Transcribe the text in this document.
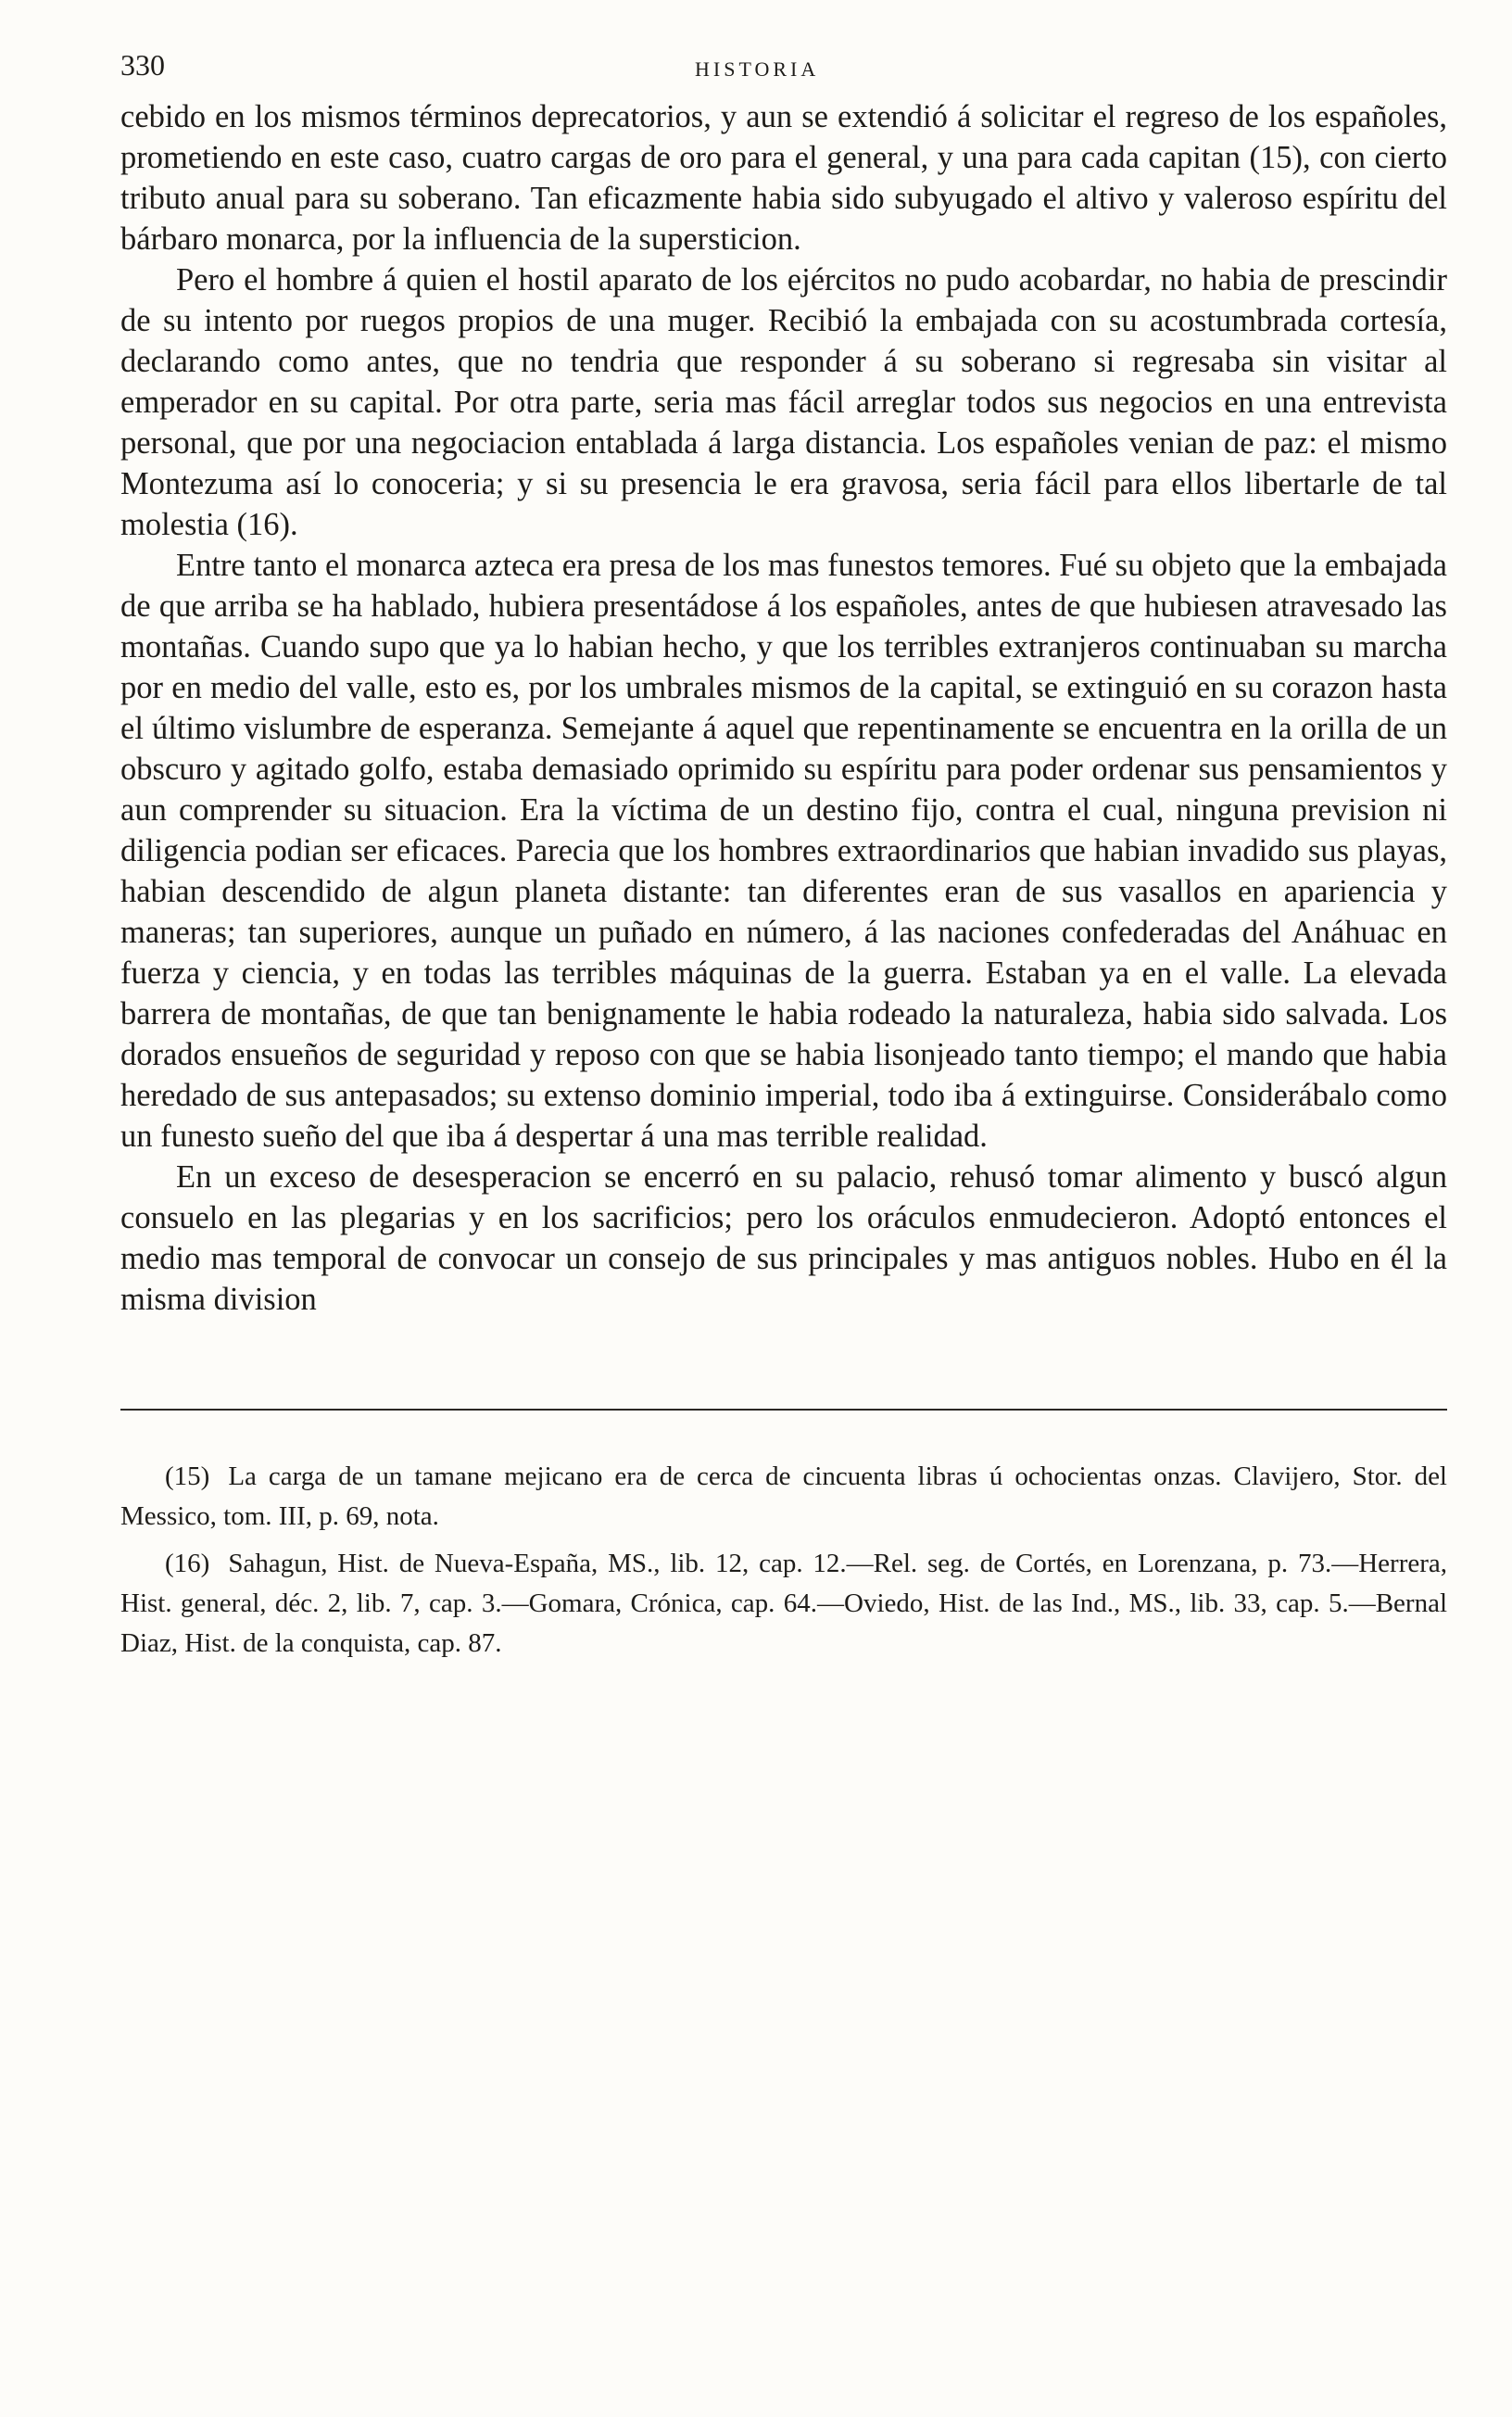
330	HISTORIA

cebido en los mismos términos deprecatorios, y aun se extendió á solicitar el regreso de los españoles, prometiendo en este caso, cuatro cargas de oro para el general, y una para cada capitan (15), con cierto tributo anual para su soberano. Tan eficazmente habia sido subyugado el altivo y valeroso espíritu del bárbaro monarca, por la influencia de la supersticion.

Pero el hombre á quien el hostil aparato de los ejércitos no pudo acobardar, no habia de prescindir de su intento por ruegos propios de una muger. Recibió la embajada con su acostumbrada cortesía, declarando como antes, que no tendria que responder á su soberano si regresaba sin visitar al emperador en su capital. Por otra parte, seria mas fácil arreglar todos sus negocios en una entrevista personal, que por una negociacion entablada á larga distancia. Los españoles venian de paz: el mismo Montezuma así lo conoceria; y si su presencia le era gravosa, seria fácil para ellos libertarle de tal molestia (16).

Entre tanto el monarca azteca era presa de los mas funestos temores. Fué su objeto que la embajada de que arriba se ha hablado, hubiera presentádose á los españoles, antes de que hubiesen atravesado las montañas. Cuando supo que ya lo habian hecho, y que los terribles extranjeros continuaban su marcha por en medio del valle, esto es, por los umbrales mismos de la capital, se extinguió en su corazon hasta el último vislumbre de esperanza. Semejante á aquel que repentinamente se encuentra en la orilla de un obscuro y agitado golfo, estaba demasiado oprimido su espíritu para poder ordenar sus pensamientos y aun comprender su situacion. Era la víctima de un destino fijo, contra el cual, ninguna prevision ni diligencia podian ser eficaces. Parecia que los hombres extraordinarios que habian invadido sus playas, habian descendido de algun planeta distante: tan diferentes eran de sus vasallos en apariencia y maneras; tan superiores, aunque un puñado en número, á las naciones confederadas del Anáhuac en fuerza y ciencia, y en todas las terribles máquinas de la guerra. Estaban ya en el valle. La elevada barrera de montañas, de que tan benignamente le habia rodeado la naturaleza, habia sido salvada. Los dorados ensueños de seguridad y reposo con que se habia lisonjeado tanto tiempo; el mando que habia heredado de sus antepasados; su extenso dominio imperial, todo iba á extinguirse. Considerábalo como un funesto sueño del que iba á despertar á una mas terrible realidad.

En un exceso de desesperacion se encerró en su palacio, rehusó tomar alimento y buscó algun consuelo en las plegarias y en los sacrificios; pero los oráculos enmudecieron. Adoptó entonces el medio mas temporal de convocar un consejo de sus principales y mas antiguos nobles. Hubo en él la misma division

(15) La carga de un tamane mejicano era de cerca de cincuenta libras ú ochocientas onzas. Clavijero, Stor. del Messico, tom. III, p. 69, nota.

(16) Sahagun, Hist. de Nueva-España, MS., lib. 12, cap. 12.—Rel. seg. de Cortés, en Lorenzana, p. 73.—Herrera, Hist. general, déc. 2, lib. 7, cap. 3.—Gomara, Crónica, cap. 64.—Oviedo, Hist. de las Ind., MS., lib. 33, cap. 5.—Bernal Diaz, Hist. de la conquista, cap. 87.
